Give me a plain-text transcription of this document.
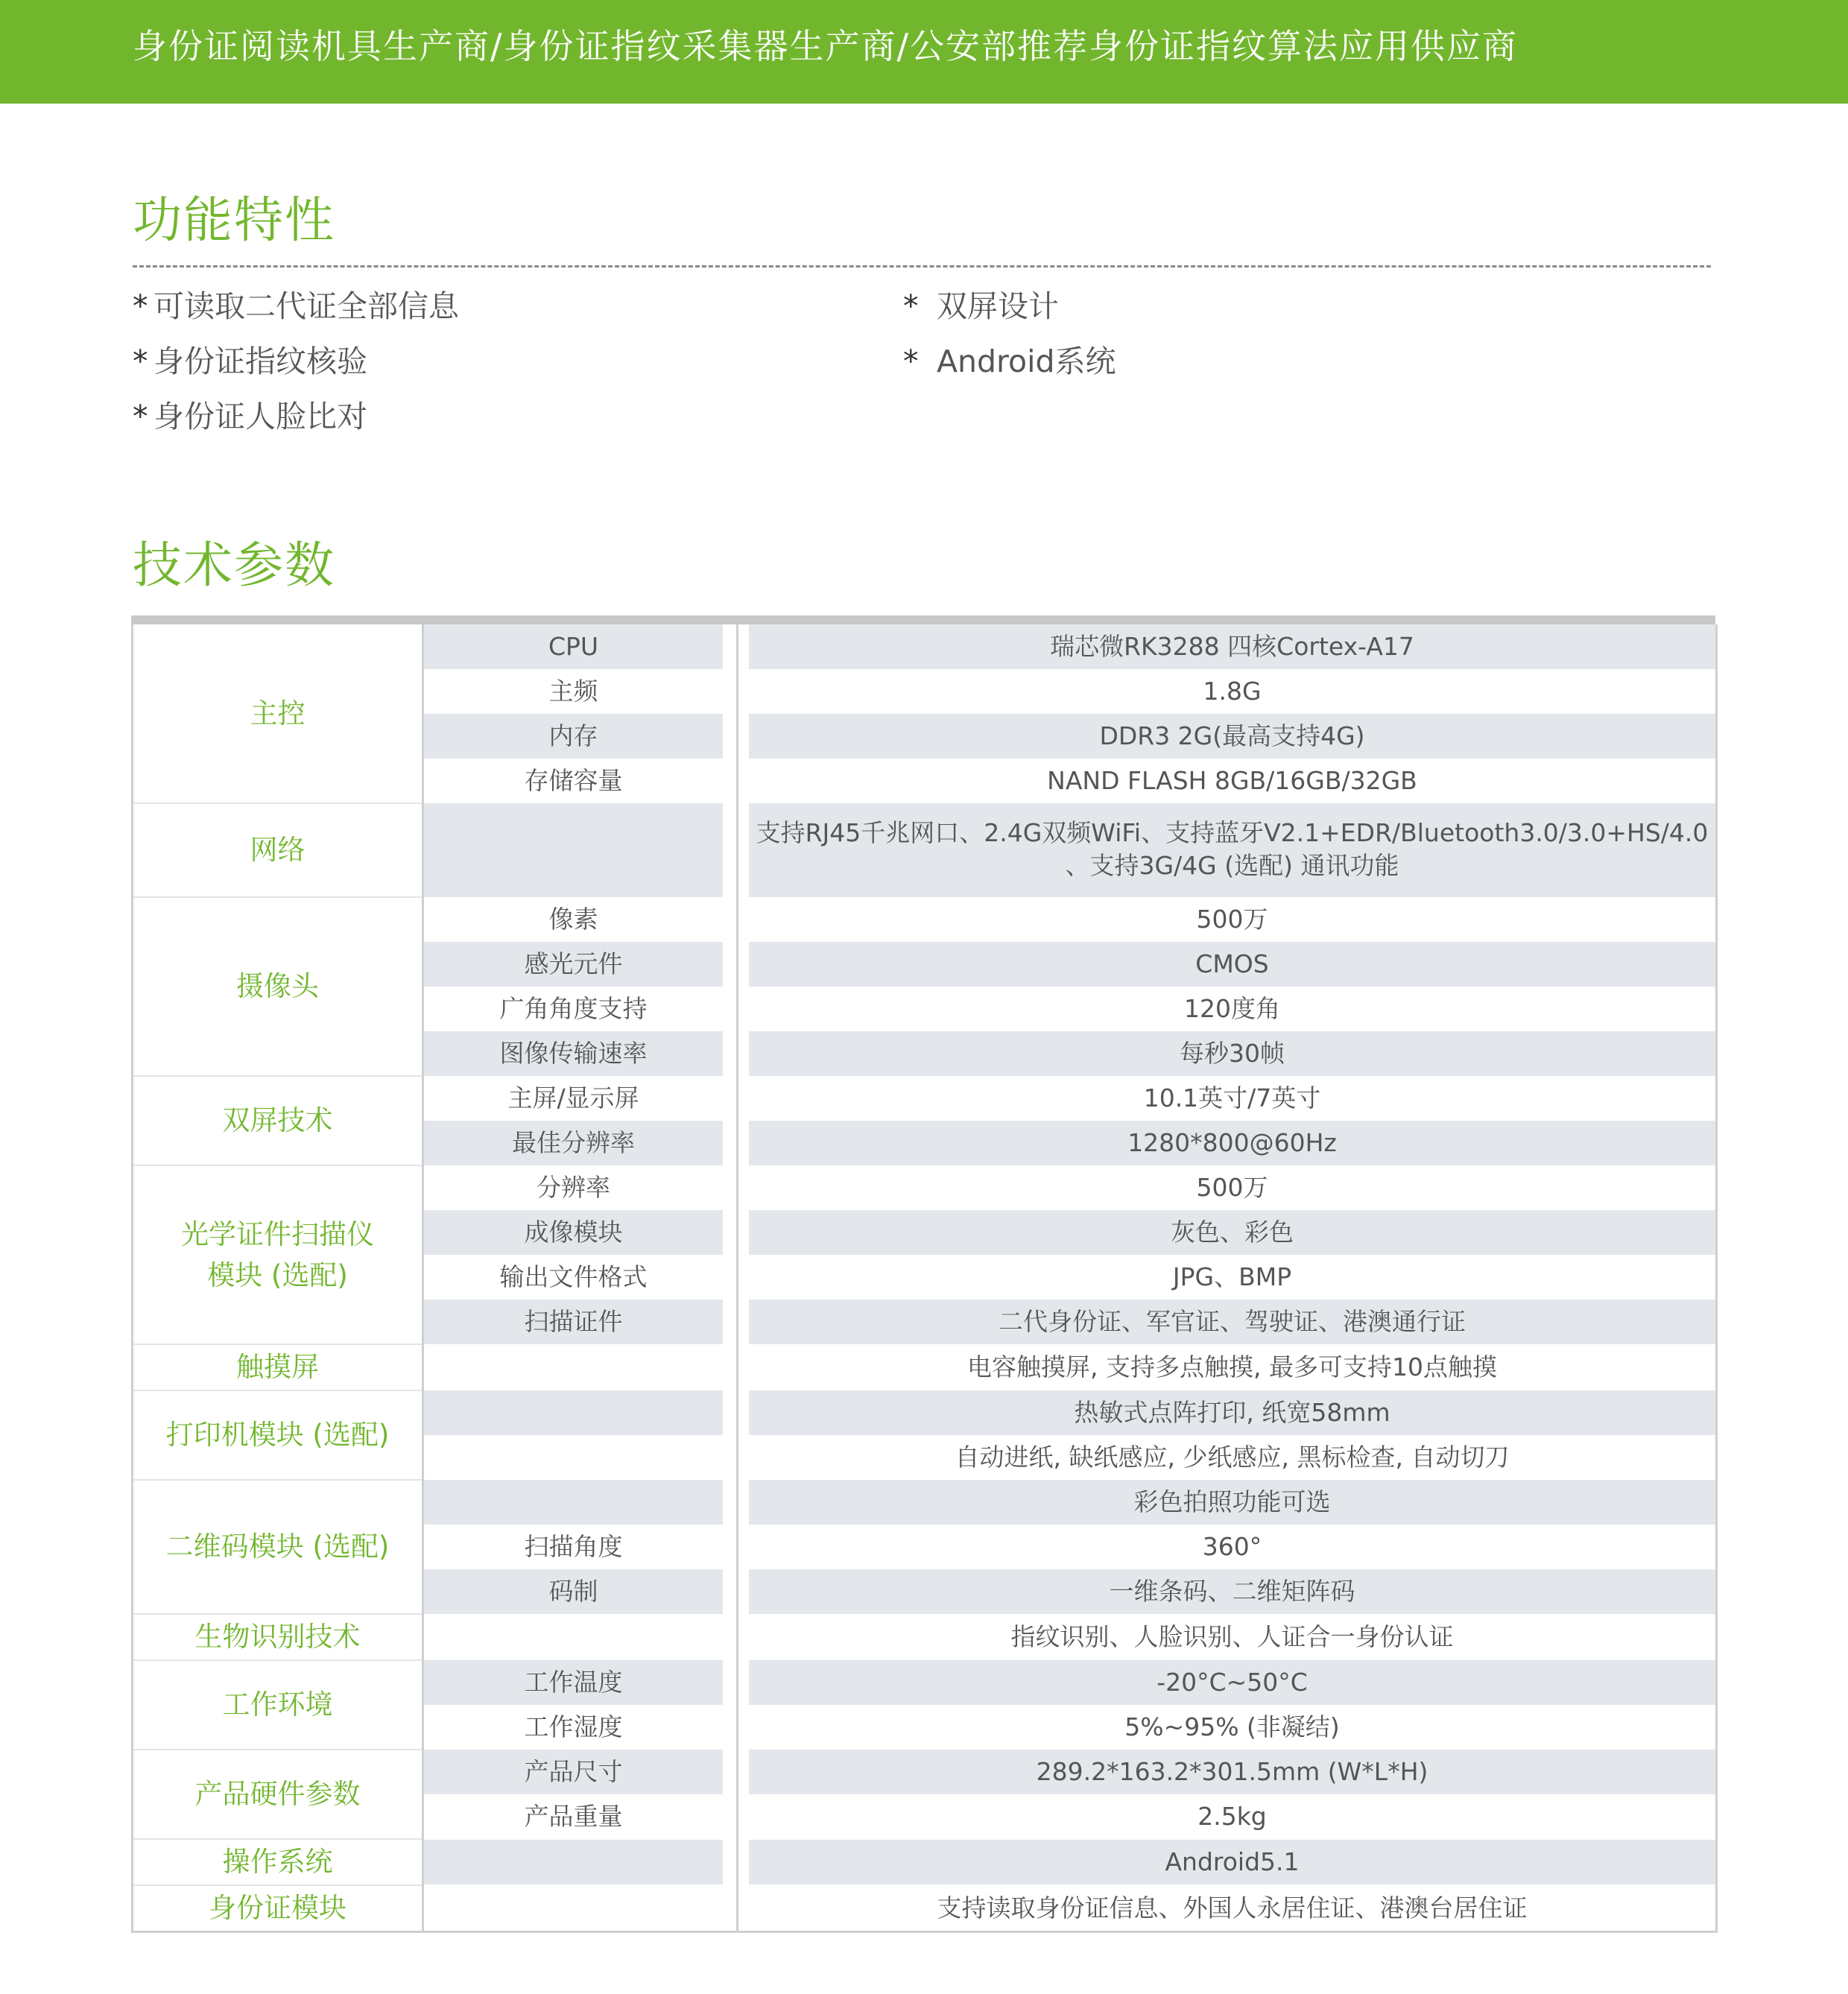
身份证阅读机具生产商/身份证指纹采集器生产商/公安部推荐身份证指纹算法应用供应商
功能特性
* 可读取二代证全部信息
* 身份证指纹核验
* 身份证人脸比对
* 双屏设计
* Android系统
技术参数
主控	CPU	瑞芯微RK3288 四核Cortex-A17

	主频	1.8G

	内存	DDR3 2G(最高支持4G)

	存储容量	NAND FLASH 8GB/16GB/32GB

网络		支持RJ45千兆网口、2.4G双频WiFi、支持蓝牙V2.1+EDR/Bluetooth3.0/3.0+HS/4.0 、支持3G/4G (选配) 通讯功能

摄像头	像素	500万

	感光元件	CMOS

	广角角度支持	120度角

	图像传输速率	每秒30帧

双屏技术	主屏/显示屏	10.1英寸/7英寸

	最佳分辨率	1280*800@60Hz

光学证件扫描仪模块 (选配)	分辨率	500万

	成像模块	灰色、彩色

	输出文件格式	JPG、BMP

	扫描证件	二代身份证、军官证、驾驶证、港澳通行证

触摸屏		电容触摸屏, 支持多点触摸, 最多可支持10点触摸

打印机模块 (选配)		热敏式点阵打印, 纸宽58mm

		自动进纸, 缺纸感应, 少纸感应, 黑标检查, 自动切刀

二维码模块 (选配)		彩色拍照功能可选

	扫描角度	360°

	码制	一维条码、二维矩阵码

生物识别技术		指纹识别、人脸识别、人证合一身份认证

工作环境	工作温度	-20°C~50°C

	工作湿度	5%~95% (非凝结)

产品硬件参数	产品尺寸	289.2*163.2*301.5mm (W*L*H)

	产品重量	2.5kg

操作系统		Android5.1

身份证模块		支持读取身份证信息、外国人永居住证、港澳台居住证
